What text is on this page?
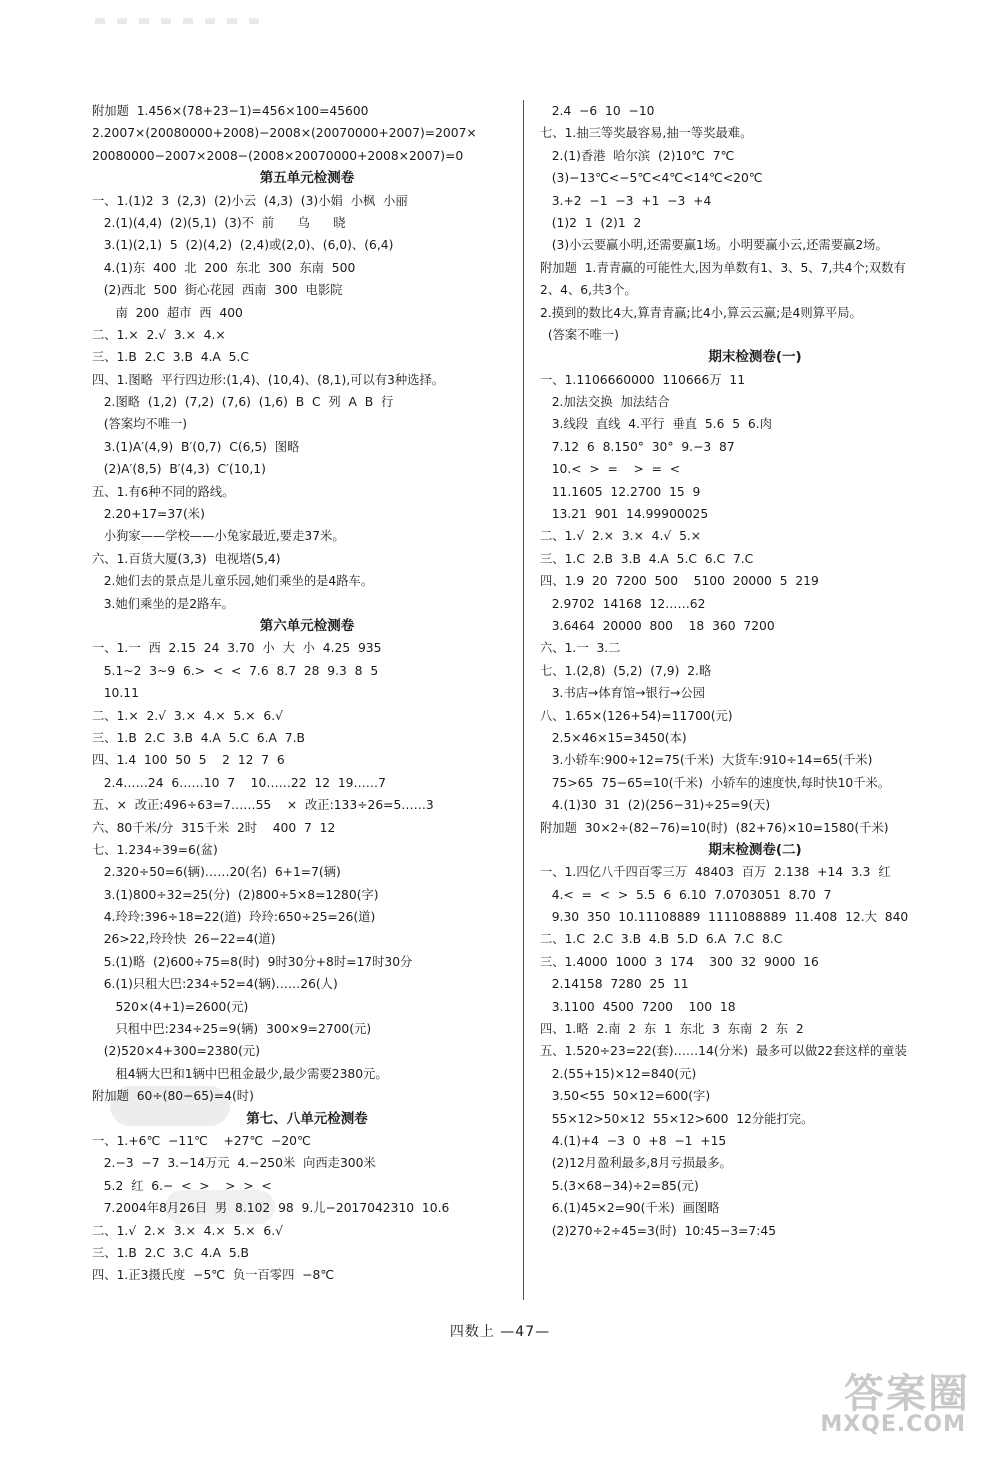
附加题  1.456×(78+23−1)=456×100=45600
2.2007×(20080000+2008)−2008×(20070000+2007)=2007×
20080000−2007×2008−(2008×20070000+2008×2007)=0
第五单元检测卷
一、1.(1)2  3  (2,3)  (2)小云  (4,3)  (3)小娟  小枫  小丽
2.(1)(4,4)  (2)(5,1)  (3)不  前      乌      晓
3.(1)(2,1)  5  (2)(4,2)  (2,4)或(2,0)、(6,0)、(6,4)
4.(1)东  400  北  200  东北  300  东南  500
(2)西北  500  街心花园  西南  300  电影院
南  200  超市  西  400
二、1.×  2.√  3.×  4.×
三、1.B  2.C  3.B  4.A  5.C
四、1.图略  平行四边形:(1,4)、(10,4)、(8,1),可以有3种选择。
2.图略  (1,2)  (7,2)  (7,6)  (1,6)  B  C  列  A  B  行
(答案均不唯一)
3.(1)A′(4,9)  B′(0,7)  C(6,5)  图略
(2)A′(8,5)  B′(4,3)  C′(10,1)
五、1.有6种不同的路线。
2.20+17=37(米)
小狗家——学校——小兔家最近,要走37米。
六、1.百货大厦(3,3)  电视塔(5,4)
2.她们去的景点是儿童乐园,她们乘坐的是4路车。
3.她们乘坐的是2路车。
第六单元检测卷
一、1.一  西  2.15  24  3.70  小  大  小  4.25  935
5.1~2  3~9  6.>  <  <  7.6  8.7  28  9.3  8  5
10.11
二、1.×  2.√  3.×  4.×  5.×  6.√
三、1.B  2.C  3.B  4.A  5.C  6.A  7.B
四、1.4  100  50  5    2  12  7  6
2.4……24  6……10  7    10……22  12  19……7
五、×  改正:496÷63=7……55    ×  改正:133÷26=5……3
六、80千米/分  315千米  2时    400  7  12
七、1.234÷39=6(盆)
2.320÷50=6(辆)……20(名)  6+1=7(辆)
3.(1)800÷32=25(分)  (2)800÷5×8=1280(字)
4.玲玲:396÷18=22(道)  玲玲:650÷25=26(道)
26>22,玲玲快  26−22=4(道)
5.(1)略  (2)600÷75=8(时)  9时30分+8时=17时30分
6.(1)只租大巴:234÷52=4(辆)……26(人)
520×(4+1)=2600(元)
只租中巴:234÷25=9(辆)  300×9=2700(元)
(2)520×4+300=2380(元)
租4辆大巴和1辆中巴租金最少,最少需要2380元。
附加题  60÷(80−65)=4(时)
第七、八单元检测卷
一、1.+6℃  −11℃    +27℃  −20℃
2.−3  −7  3.−14万元  4.−250米  向西走300米
5.2  红  6.−  <  >    >  >  <
7.2004年8月26日  男  8.102  98  9.儿−2017042310  10.6
二、1.√  2.×  3.×  4.×  5.×  6.√
三、1.B  2.C  3.C  4.A  5.B
四、1.正3摄氏度  −5℃  负一百零四  −8℃
2.4  −6  10  −10
七、1.抽三等奖最容易,抽一等奖最难。
2.(1)香港  哈尔滨  (2)10℃  7℃
(3)−13℃<−5℃<4℃<14℃<20℃
3.+2  −1  −3  +1  −3  +4
(1)2  1  (2)1  2
(3)小云要赢小明,还需要赢1场。小明要赢小云,还需要赢2场。
附加题  1.青青赢的可能性大,因为单数有1、3、5、7,共4个;双数有
2、4、6,共3个。
2.摸到的数比4大,算青青赢;比4小,算云云赢;是4则算平局。
(答案不唯一)
期末检测卷(一)
一、1.1106660000  110666万  11
2.加法交换  加法结合
3.线段  直线  4.平行  垂直  5.6  5  6.肉
7.12  6  8.150°  30°  9.−3  87
10.<  >  =    >  =  <
11.1605  12.2700  15  9
13.21  901  14.99900025
二、1.√  2.×  3.×  4.√  5.×
三、1.C  2.B  3.B  4.A  5.C  6.C  7.C
四、1.9  20  7200  500    5100  20000  5  219
2.9702  14168  12……62
3.6464  20000  800    18  360  7200
六、1.一  3.二
七、1.(2,8)  (5,2)  (7,9)  2.略
3.书店→体育馆→银行→公园
八、1.65×(126+54)=11700(元)
2.5×46×15=3450(本)
3.小轿车:900÷12=75(千米)  大货车:910÷14=65(千米)
75>65  75−65=10(千米)  小轿车的速度快,每时快10千米。
4.(1)30  31  (2)(256−31)÷25=9(天)
附加题  30×2÷(82−76)=10(时)  (82+76)×10=1580(千米)
期末检测卷(二)
一、1.四亿八千四百零三万  48403  百万  2.138  +14  3.3  红
4.<  =  <  >  5.5  6  6.10  7.0703051  8.70  7
9.30  350  10.11108889  1111088889  11.408  12.大  840
二、1.C  2.C  3.B  4.B  5.D  6.A  7.C  8.C
三、1.4000  1000  3  174    300  32  9000  16
2.14158  7280  25  11
3.1100  4500  7200    100  18
四、1.略  2.南  2  东  1  东北  3  东南  2  东  2
五、1.520÷23=22(套)……14(分米)  最多可以做22套这样的童装
2.(55+15)×12=840(元)
3.50<55  50×12=600(字)
55×12>50×12  55×12>600  12分能打完。
4.(1)+4  −3  0  +8  −1  +15
(2)12月盈利最多,8月亏损最多。
5.(3×68−34)÷2=85(元)
6.(1)45×2=90(千米)  画图略
(2)270÷2÷45=3(时)  10:45−3=7:45
四数上 —47—
答案圈
MXQE.COM
